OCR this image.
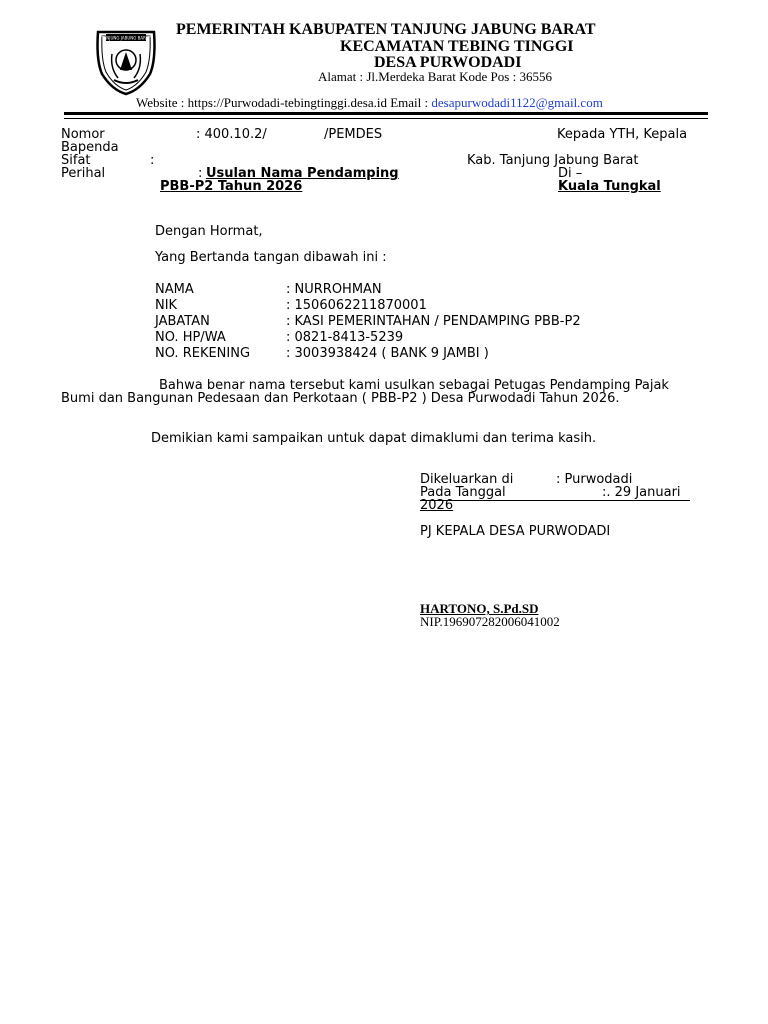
TANJUNG JABUNG BARAT PEMERINTAH KABUPATEN TANJUNG JABUNG BARAT
KECAMATAN TEBING TINGGI
DESA PURWODADI
Alamat : Jl.Merdeka Barat Kode Pos : 36556
Website : https://Purwodadi-tebingtinggi.desa.id Email : desapurwodadi1122@gmail.com
Nomor	: 400.10.2/	/PEMDES
Bapenda
Sifat	:
Perihal	: Usulan Nama Pendamping
PBB-P2 Tahun 2026
Kepada YTH, Kepala
Kab. Tanjung Jabung Barat
Di –
Kuala Tungkal
Dengan Hormat,
Yang Bertanda tangan dibawah ini :
NAMA	: NURROHMAN
NIK	: 1506062211870001
JABATAN	: KASI PEMERINTAHAN / PENDAMPING PBB-P2
NO. HP/WA	: 0821-8413-5239
NO. REKENING	: 3003938424 ( BANK 9 JAMBI )
Bahwa benar nama tersebut kami usulkan sebagai Petugas Pendamping Pajak
Bumi dan Bangunan Pedesaan dan Perkotaan ( PBB-P2 ) Desa Purwodadi Tahun 2026.
Demikian kami sampaikan untuk dapat dimaklumi dan terima kasih.
Dikeluarkan di	: Purwodadi
Pada Tanggal	:. 29 Januari
2026
PJ KEPALA DESA PURWODADI
HARTONO, S.Pd.SD
NIP.196907282006041002
